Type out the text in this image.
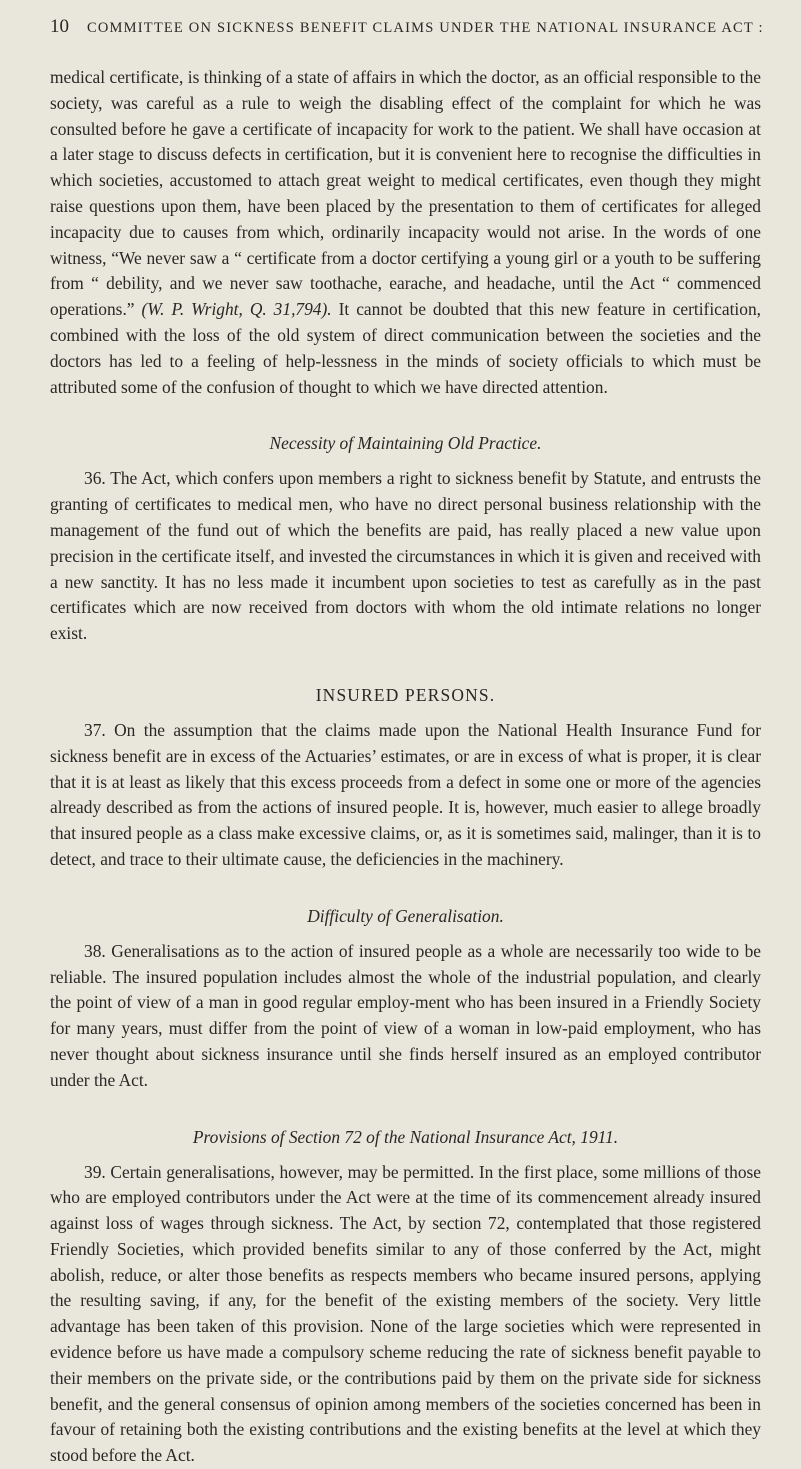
10 COMMITTEE ON SICKNESS BENEFIT CLAIMS UNDER THE NATIONAL INSURANCE ACT :

medical certificate, is thinking of a state of affairs in which the doctor, as an official responsible to the society, was careful as a rule to weigh the disabling effect of the complaint for which he was consulted before he gave a certificate of incapacity for work to the patient. We shall have occasion at a later stage to discuss defects in certification, but it is convenient here to recognise the difficulties in which societies, accustomed to attach great weight to medical certificates, even though they might raise questions upon them, have been placed by the presentation to them of certificates for alleged incapacity due to causes from which, ordinarily incapacity would not arise. In the words of one witness, “We never saw a “ certificate from a doctor certifying a young girl or a youth to be suffering from “ debility, and we never saw toothache, earache, and headache, until the Act “ commenced operations.” (W. P. Wright, Q. 31,794). It cannot be doubted that this new feature in certification, combined with the loss of the old system of direct communication between the societies and the doctors has led to a feeling of help-lessness in the minds of society officials to which must be attributed some of the confusion of thought to which we have directed attention.

Necessity of Maintaining Old Practice.

36. The Act, which confers upon members a right to sickness benefit by Statute, and entrusts the granting of certificates to medical men, who have no direct personal business relationship with the management of the fund out of which the benefits are paid, has really placed a new value upon precision in the certificate itself, and invested the circumstances in which it is given and received with a new sanctity. It has no less made it incumbent upon societies to test as carefully as in the past certificates which are now received from doctors with whom the old intimate relations no longer exist.

INSURED PERSONS.

37. On the assumption that the claims made upon the National Health Insurance Fund for sickness benefit are in excess of the Actuaries’ estimates, or are in excess of what is proper, it is clear that it is at least as likely that this excess proceeds from a defect in some one or more of the agencies already described as from the actions of insured people. It is, however, much easier to allege broadly that insured people as a class make excessive claims, or, as it is sometimes said, malinger, than it is to detect, and trace to their ultimate cause, the deficiencies in the machinery.

Difficulty of Generalisation.

38. Generalisations as to the action of insured people as a whole are necessarily too wide to be reliable. The insured population includes almost the whole of the industrial population, and clearly the point of view of a man in good regular employ-ment who has been insured in a Friendly Society for many years, must differ from the point of view of a woman in low-paid employment, who has never thought about sickness insurance until she finds herself insured as an employed contributor under the Act.

Provisions of Section 72 of the National Insurance Act, 1911.

39. Certain generalisations, however, may be permitted. In the first place, some millions of those who are employed contributors under the Act were at the time of its commencement already insured against loss of wages through sickness. The Act, by section 72, contemplated that those registered Friendly Societies, which provided benefits similar to any of those conferred by the Act, might abolish, reduce, or alter those benefits as respects members who became insured persons, applying the resulting saving, if any, for the benefit of the existing members of the society. Very little advantage has been taken of this provision. None of the large societies which were represented in evidence before us have made a compulsory scheme reducing the rate of sickness benefit payable to their members on the private side, or the contributions paid by them on the private side for sickness benefit, and the general consensus of opinion among members of the societies concerned has been in favour of retaining both the existing contributions and the existing benefits at the level at which they stood before the Act.
